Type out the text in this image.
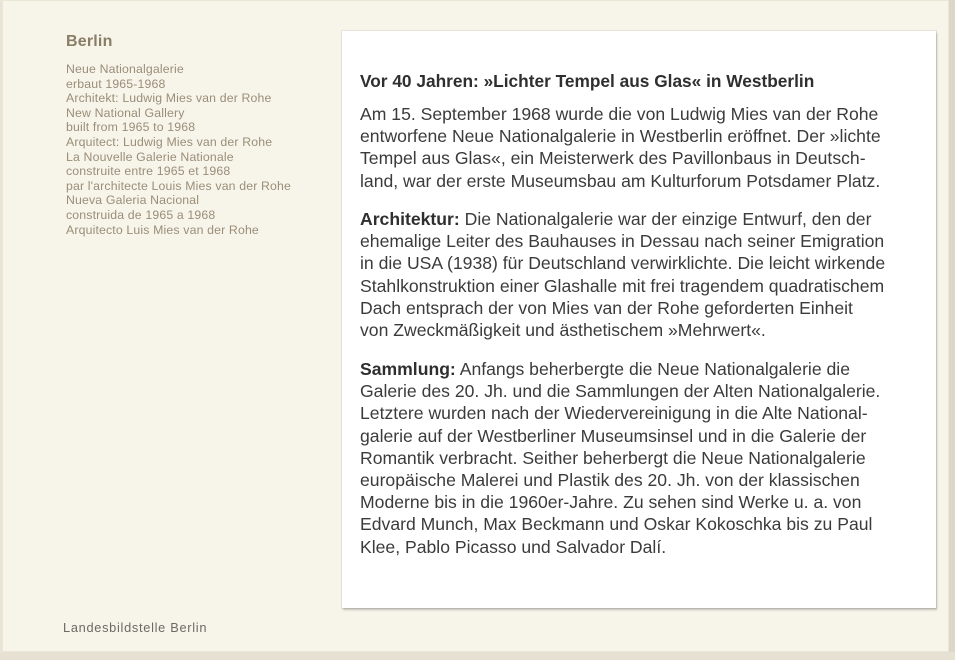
Berlin
Neue Nationalgalerie
erbaut 1965-1968
Architekt: Ludwig Mies van der Rohe
New National Gallery
built from 1965 to 1968
Arquitect: Ludwig Mies van der Rohe
La Nouvelle Galerie Nationale
construite entre 1965 et 1968
par l'architecte Louis Mies van der Rohe
Nueva Galeria Nacional
construida de 1965 a 1968
Arquitecto Luis Mies van der Rohe
Landesbildstelle Berlin
Vor 40 Jahren: »Lichter Tempel aus Glas« in Westberlin
Am 15. September 1968 wurde die von Ludwig Mies van der Rohe
entworfene Neue Nationalgalerie in Westberlin eröffnet. Der »lichte
Tempel aus Glas«, ein Meisterwerk des Pavillonbaus in Deutsch-
land, war der erste Museumsbau am Kulturforum Potsdamer Platz.
Architektur: Die Nationalgalerie war der einzige Entwurf, den der
ehemalige Leiter des Bauhauses in Dessau nach seiner Emigration
in die USA (1938) für Deutschland verwirklichte. Die leicht wirkende
Stahlkonstruktion einer Glashalle mit frei tragendem quadratischem
Dach entsprach der von Mies van der Rohe geforderten Einheit
von Zweckmäßigkeit und ästhetischem »Mehrwert«.
Sammlung: Anfangs beherbergte die Neue Nationalgalerie die
Galerie des 20. Jh. und die Sammlungen der Alten Nationalgalerie.
Letztere wurden nach der Wiedervereinigung in die Alte National-
galerie auf der Westberliner Museumsinsel und in die Galerie der
Romantik verbracht. Seither beherbergt die Neue Nationalgalerie
europäische Malerei und Plastik des 20. Jh. von der klassischen
Moderne bis in die 1960er-Jahre. Zu sehen sind Werke u. a. von
Edvard Munch, Max Beckmann und Oskar Kokoschka bis zu Paul
Klee, Pablo Picasso und Salvador Dalí.
